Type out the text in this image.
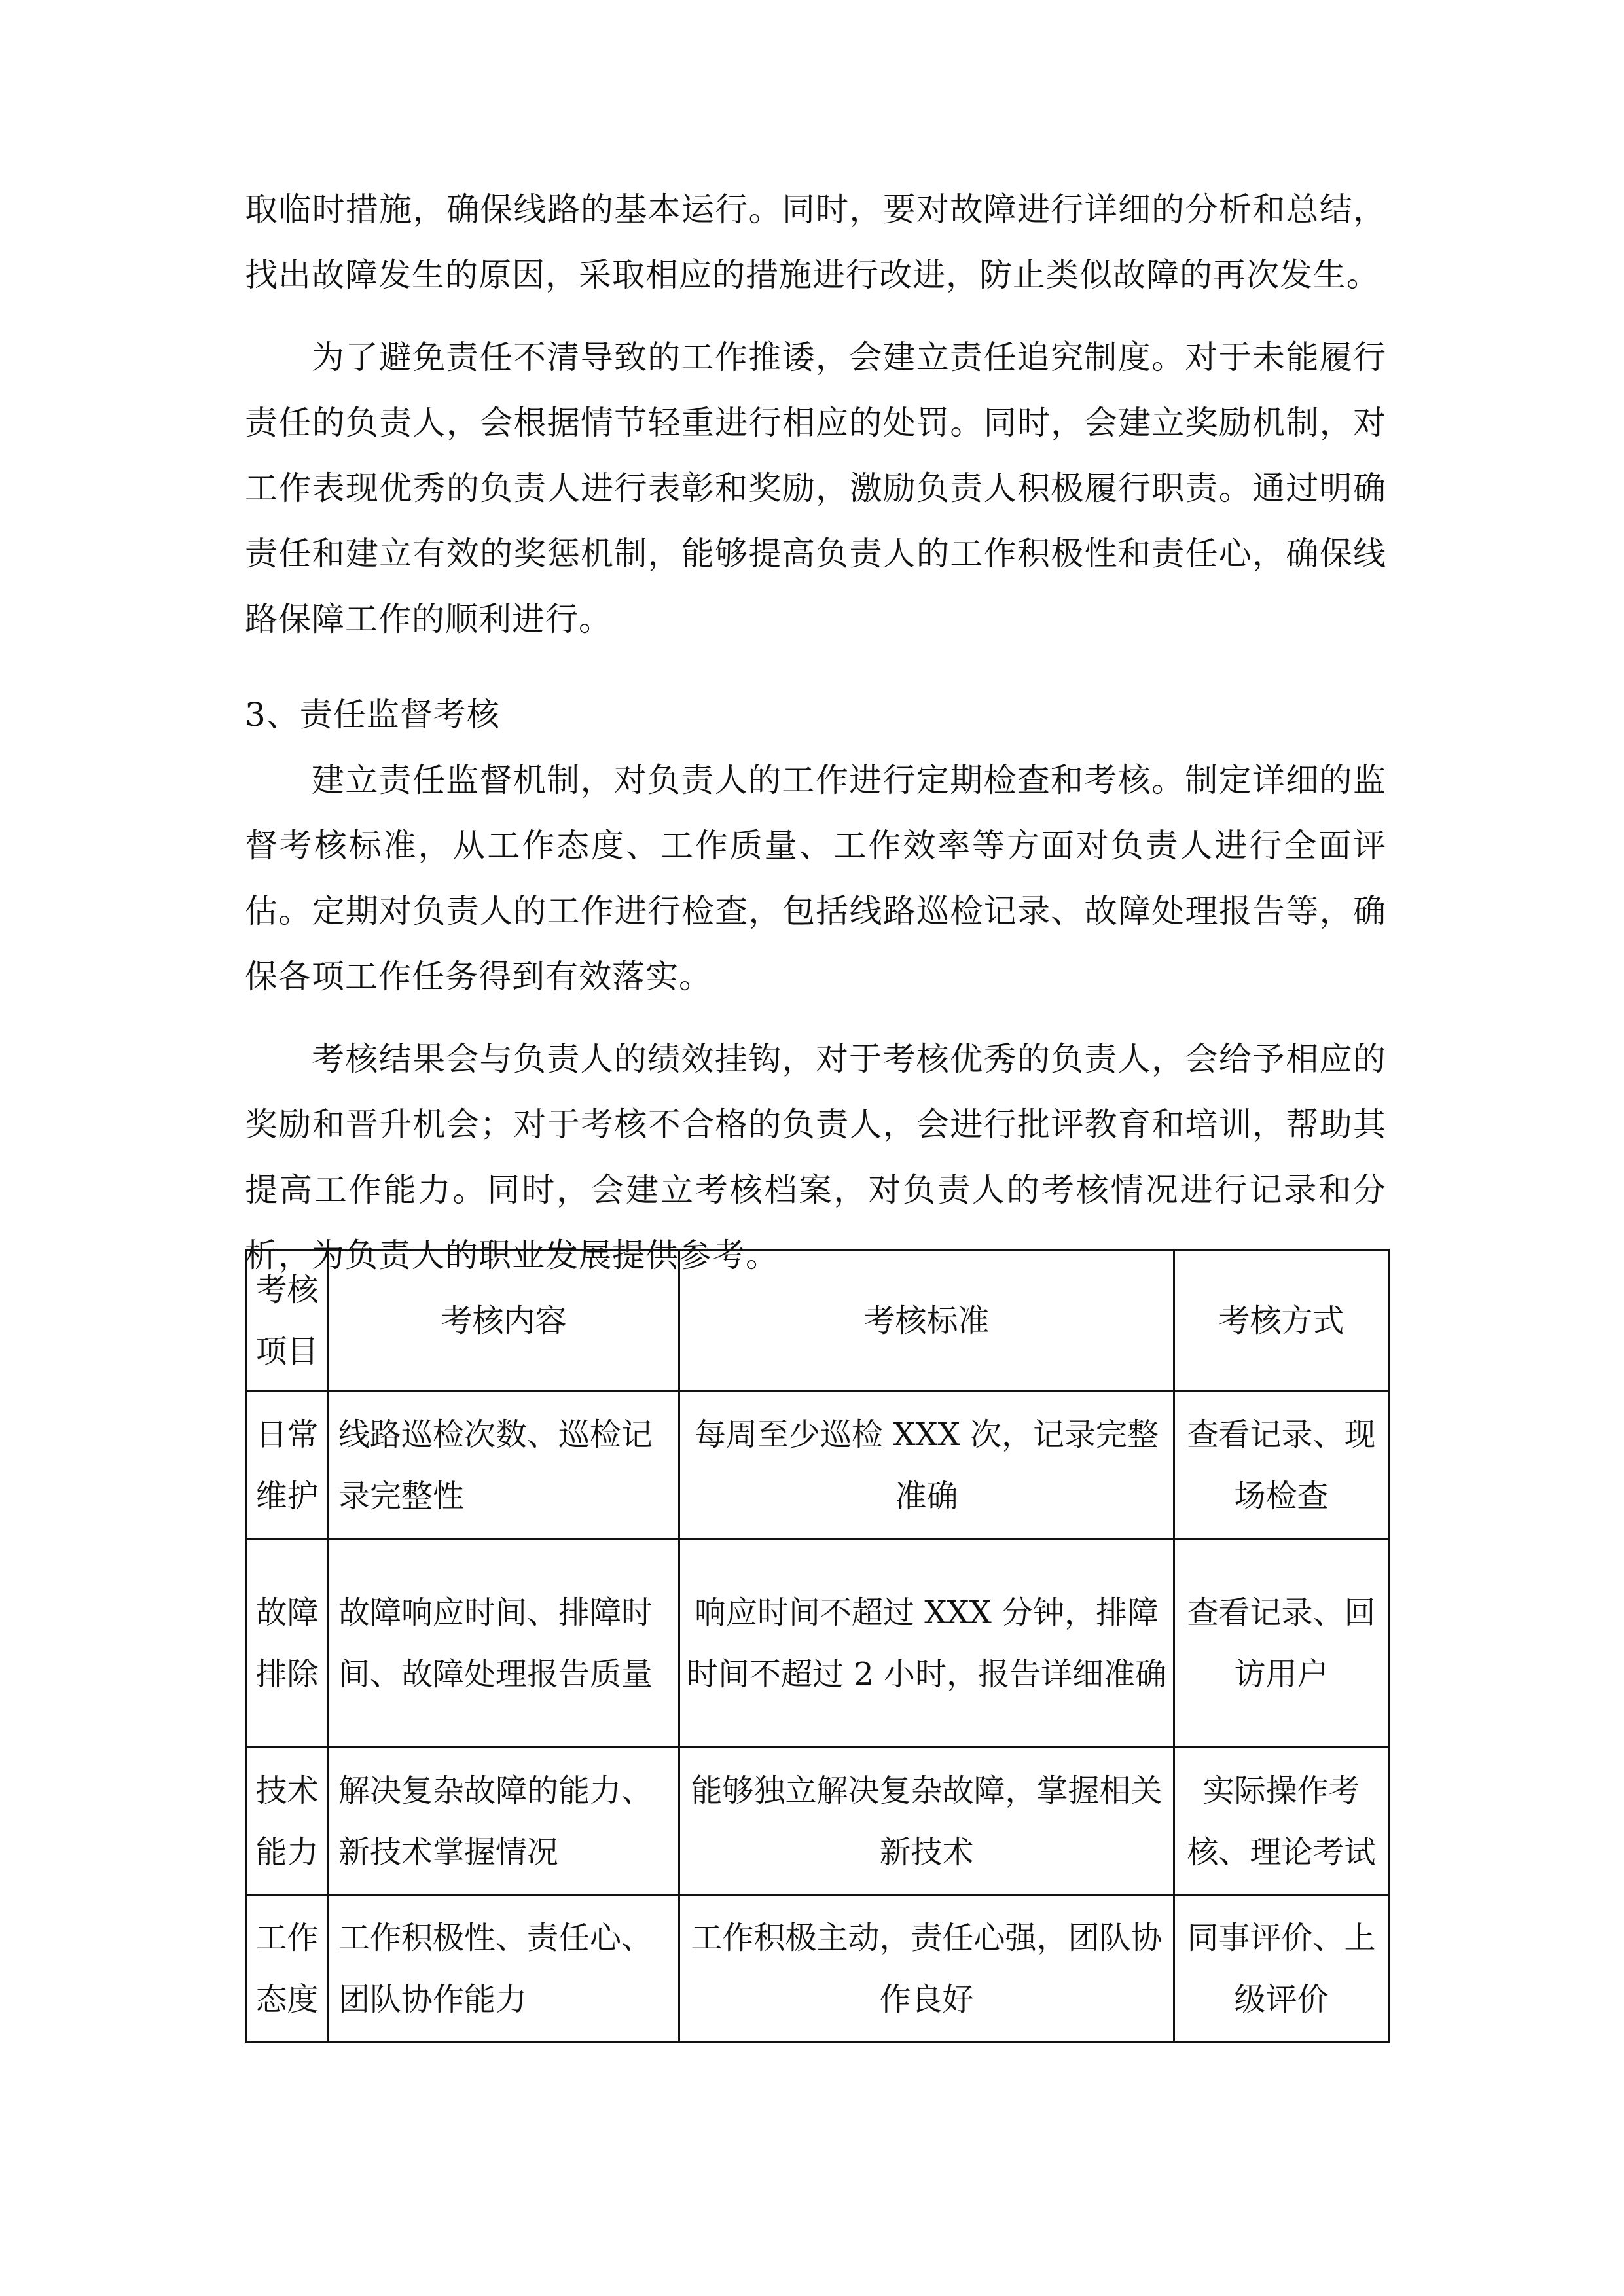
取临时措施，确保线路的基本运行。同时，要对故障进行详细的分析和总结，找出故障发生的原因，采取相应的措施进行改进，防止类似故障的再次发生。

为了避免责任不清导致的工作推诿，会建立责任追究制度。对于未能履行责任的负责人，会根据情节轻重进行相应的处罚。同时，会建立奖励机制，对工作表现优秀的负责人进行表彰和奖励，激励负责人积极履行职责。通过明确责任和建立有效的奖惩机制，能够提高负责人的工作积极性和责任心，确保线路保障工作的顺利进行。

3、责任监督考核

建立责任监督机制，对负责人的工作进行定期检查和考核。制定详细的监督考核标准，从工作态度、工作质量、工作效率等方面对负责人进行全面评估。定期对负责人的工作进行检查，包括线路巡检记录、故障处理报告等，确保各项工作任务得到有效落实。

考核结果会与负责人的绩效挂钩，对于考核优秀的负责人，会给予相应的奖励和晋升机会；对于考核不合格的负责人，会进行批评教育和培训，帮助其提高工作能力。同时，会建立考核档案，对负责人的考核情况进行记录和分析，为负责人的职业发展提供参考。

考核项目	考核内容	考核标准	考核方式
日常维护	线路巡检次数、巡检记录完整性	每周至少巡检 XXX 次，记录完整准确	查看记录、现场检查
故障排除	故障响应时间、排障时间、故障处理报告质量	响应时间不超过 XXX 分钟，排障时间不超过 2 小时，报告详细准确	查看记录、回访用户
技术能力	解决复杂故障的能力、新技术掌握情况	能够独立解决复杂故障，掌握相关新技术	实际操作考核、理论考试
工作态度	工作积极性、责任心、团队协作能力	工作积极主动，责任心强，团队协作良好	同事评价、上级评价
